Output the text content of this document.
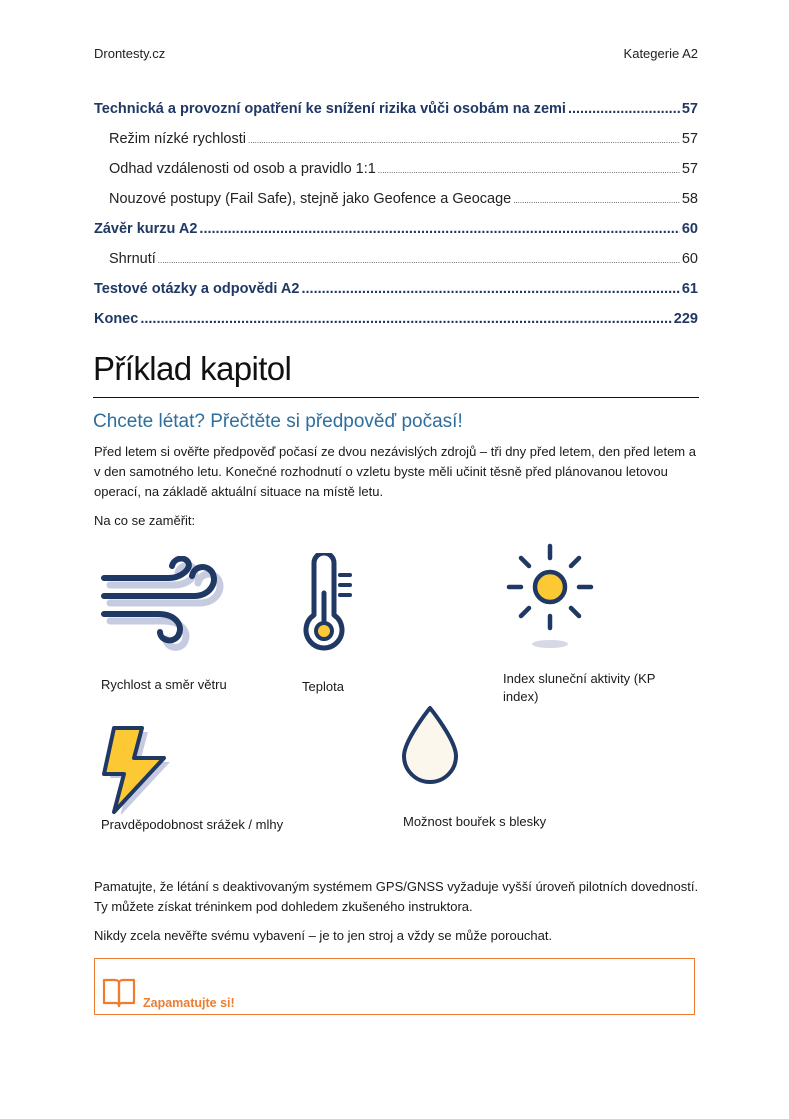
Drontesty.cz	Kategerie A2
Technická a provozní opatření ke snížení rizika vůči osobám na zemi .....	57
Režim nízké rychlosti .....	57
Odhad vzdálenosti od osob a pravidlo 1:1 .....	57
Nouzové postupy (Fail Safe), stejně jako Geofence a Geocage .....	58
Závěr kurzu A2 .....	60
Shrnutí .....	60
Testové otázky a odpovědi A2 .....	61
Konec .....	229
Příklad kapitol
Chcete létat? Přečtěte si předpověď počasí!
Před letem si ověřte předpověď počasí ze dvou nezávislých zdrojů – tři dny před letem, den před letem a v den samotného letu. Konečné rozhodnutí o vzletu byste měli učinit těsně před plánovanou letovou operací, na základě aktuální situace na místě letu.
Na co se zaměřit:
Rychlost a směr větru	Teplota
Index sluneční aktivity (KP index)
Pravděpodobnost srážek / mlhy	Možnost bouřek s blesky
Pamatujte, že létání s deaktivovaným systémem GPS/GNSS vyžaduje vyšší úroveň pilotních dovedností. Ty můžete získat tréninkem pod dohledem zkušeného instruktora.
Nikdy zcela nevěřte svému vybavení – je to jen stroj a vždy se může porouchat.
Zapamatujte si!
